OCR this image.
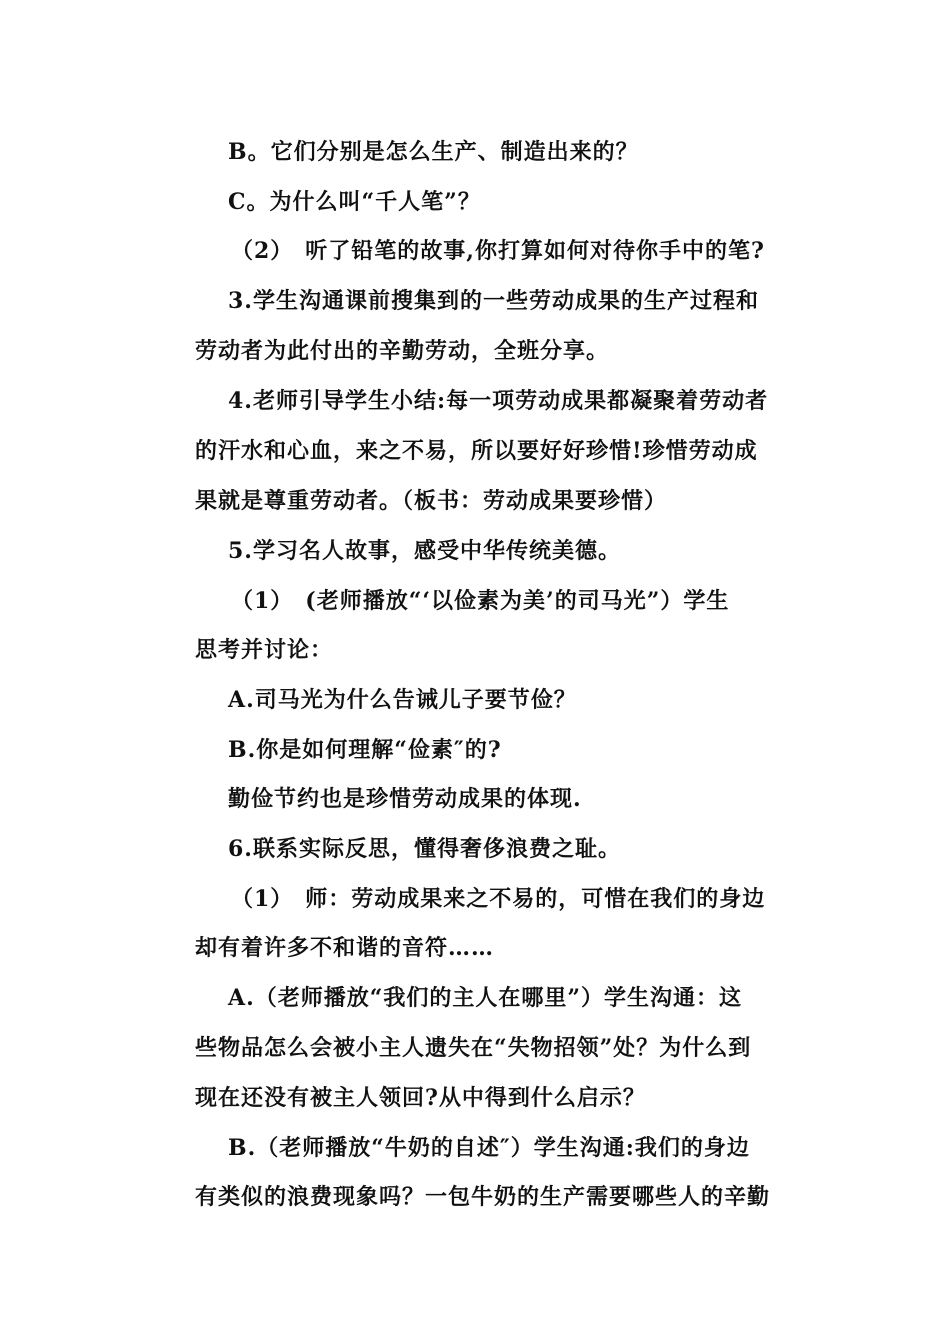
B。它们分别是怎么生产、制造出来的？
C。为什么叫“千人笔”？
（2）　听了铅笔的故事,你打算如何对待你手中的笔?
3.学生沟通课前搜集到的一些劳动成果的生产过程和
劳动者为此付出的辛勤劳动，全班分享。
4.老师引导学生小结:每一项劳动成果都凝聚着劳动者
的汗水和心血，来之不易，所以要好好珍惜!珍惜劳动成
果就是尊重劳动者。（板书：劳动成果要珍惜）
5.学习名人故事，感受中华传统美德。
（1）　(老师播放“‘以俭素为美’的司马光”）学生
思考并讨论：
A.司马光为什么告诫儿子要节俭？
B.你是如何理解“俭素″的?
勤俭节约也是珍惜劳动成果的体现.
6.联系实际反思，懂得奢侈浪费之耻。
（1）　师：劳动成果来之不易的，可惜在我们的身边
却有着许多不和谐的音符……
A.（老师播放“我们的主人在哪里”）学生沟通：这
些物品怎么会被小主人遗失在“失物招领”处？为什么到
现在还没有被主人领回?从中得到什么启示？
B.（老师播放“牛奶的自述″）学生沟通:我们的身边
有类似的浪费现象吗？一包牛奶的生产需要哪些人的辛勤
